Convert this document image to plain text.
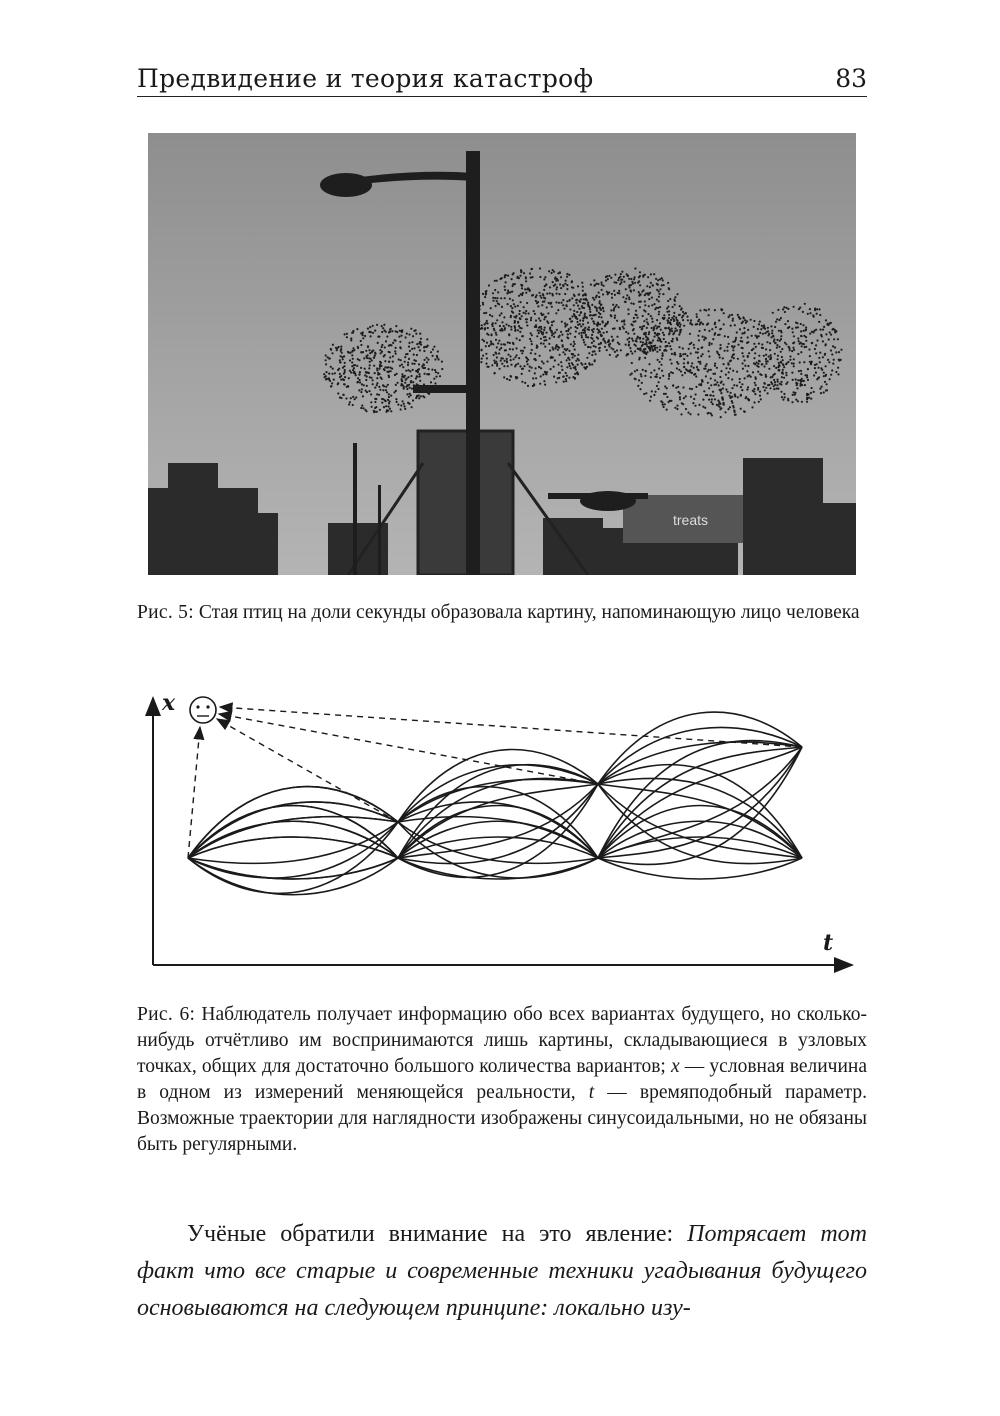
Предвидение и теория катастроф	83
treats
Рис. 5: Стая птиц на доли секунды образовала картину, напоминающую лицо человека
x
t
Рис. 6: Наблюдатель получает информацию обо всех вариантах будущего, но сколько-нибудь отчётливо им воспринимаются лишь картины, складывающиеся в узловых точках, общих для достаточно большого количества вариантов; x — условная величина в одном из измерений меняющейся реальности, t — времяподобный параметр. Возможные траектории для наглядности изображены синусоидальными, но не обязаны быть регулярными.
Учёные обратили внимание на это явление: Потрясает тот факт что все старые и современные техники угадывания будущего основываются на следующем принципе: локально изу-
